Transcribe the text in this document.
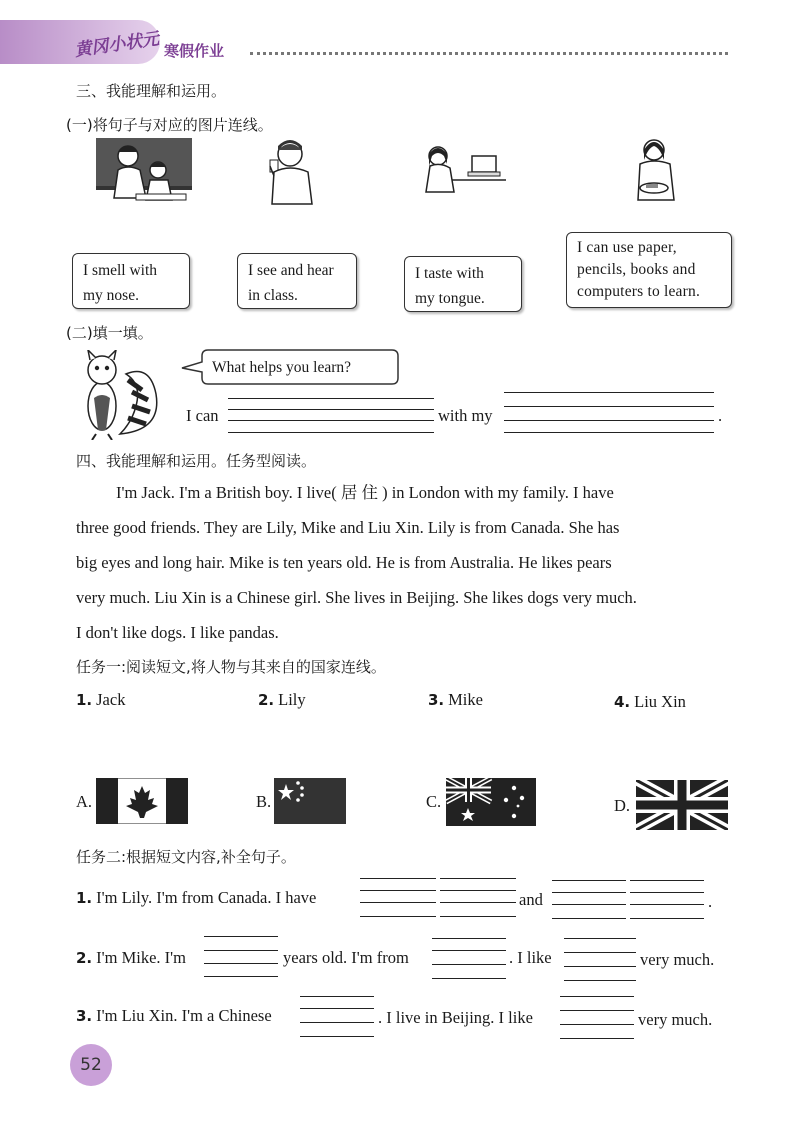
黄冈小状元 寒假作业
三、我能理解和运用。
(一)将句子与对应的图片连线。
I smell with
my nose.
I see and hear
in class.
I taste with
my tongue.
I can use paper,
pencils, books and
computers to learn.
(二)填一填。
What helps you learn?
I can	with my	.
四、我能理解和运用。任务型阅读。
I'm Jack. I'm a British boy. I live( 居 住 ) in London with my family. I have
three good friends. They are Lily, Mike and Liu Xin. Lily is from Canada. She has
big eyes and long hair. Mike is ten years old. He is from Australia. He likes pears
very much. Liu Xin is a Chinese girl. She lives in Beijing. She likes dogs very much.
I don't like dogs. I like pandas.
任务一:阅读短文,将人物与其来自的国家连线。
1. Jack	2. Lily	3. Mike	4. Liu Xin
A.	B.	C.	D.
任务二:根据短文内容,补全句子。
1. I'm Lily. I'm from Canada. I have	and	.
2. I'm Mike. I'm	years old. I'm from	. I like	very much.
3. I'm Liu Xin. I'm a Chinese	. I live in Beijing. I like	very much.
52
